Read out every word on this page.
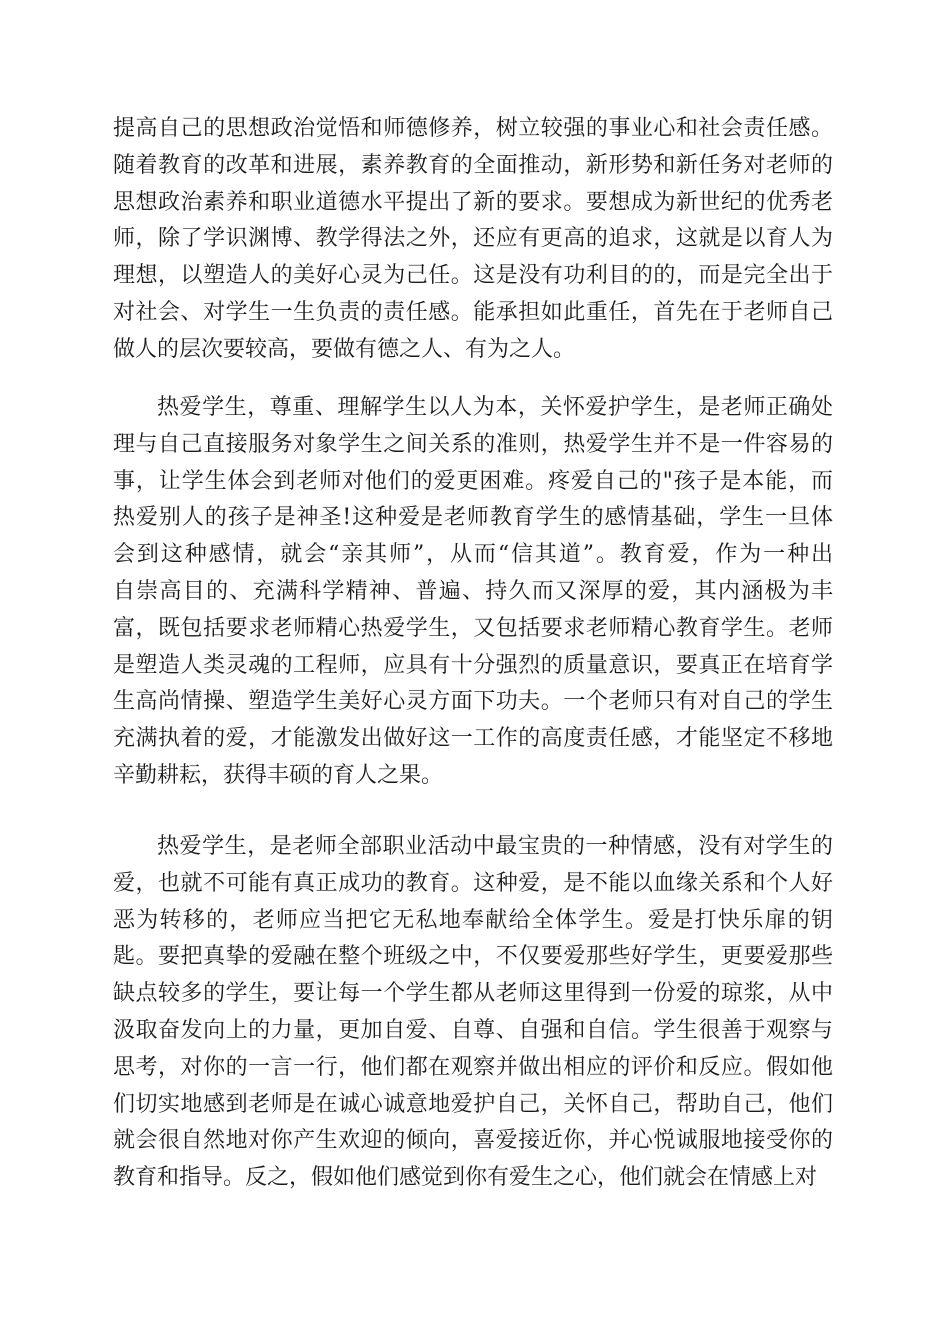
提高自己的思想政治觉悟和师德修养，树立较强的事业心和社会责任感。
随着教育的改革和进展，素养教育的全面推动，新形势和新任务对老师的
思想政治素养和职业道德水平提出了新的要求。要想成为新世纪的优秀老
师，除了学识渊博、教学得法之外，还应有更高的追求，这就是以育人为
理想，以塑造人的美好心灵为己任。这是没有功利目的的，而是完全出于
对社会、对学生一生负责的责任感。能承担如此重任，首先在于老师自己
做人的层次要较高，要做有德之人、有为之人。
热爱学生，尊重、理解学生以人为本，关怀爱护学生，是老师正确处
理与自己直接服务对象学生之间关系的准则，热爱学生并不是一件容易的
事，让学生体会到老师对他们的爱更困难。疼爱自己的"孩子是本能，而
热爱别人的孩子是神圣!这种爱是老师教育学生的感情基础，学生一旦体
会到这种感情，就会“亲其师”，从而“信其道”。教育爱，作为一种出
自崇高目的、充满科学精神、普遍、持久而又深厚的爱，其内涵极为丰
富，既包括要求老师精心热爱学生，又包括要求老师精心教育学生。老师
是塑造人类灵魂的工程师，应具有十分强烈的质量意识，要真正在培育学
生高尚情操、塑造学生美好心灵方面下功夫。一个老师只有对自己的学生
充满执着的爱，才能激发出做好这一工作的高度责任感，才能坚定不移地
辛勤耕耘，获得丰硕的育人之果。
热爱学生，是老师全部职业活动中最宝贵的一种情感，没有对学生的
爱，也就不可能有真正成功的教育。这种爱，是不能以血缘关系和个人好
恶为转移的，老师应当把它无私地奉献给全体学生。爱是打快乐扉的钥
匙。要把真挚的爱融在整个班级之中，不仅要爱那些好学生，更要爱那些
缺点较多的学生，要让每一个学生都从老师这里得到一份爱的琼浆，从中
汲取奋发向上的力量，更加自爱、自尊、自强和自信。学生很善于观察与
思考，对你的一言一行，他们都在观察并做出相应的评价和反应。假如他
们切实地感到老师是在诚心诚意地爱护自己，关怀自己，帮助自己，他们
就会很自然地对你产生欢迎的倾向，喜爱接近你，并心悦诚服地接受你的
教育和指导。反之，假如他们感觉到你有爱生之心，他们就会在情感上对
